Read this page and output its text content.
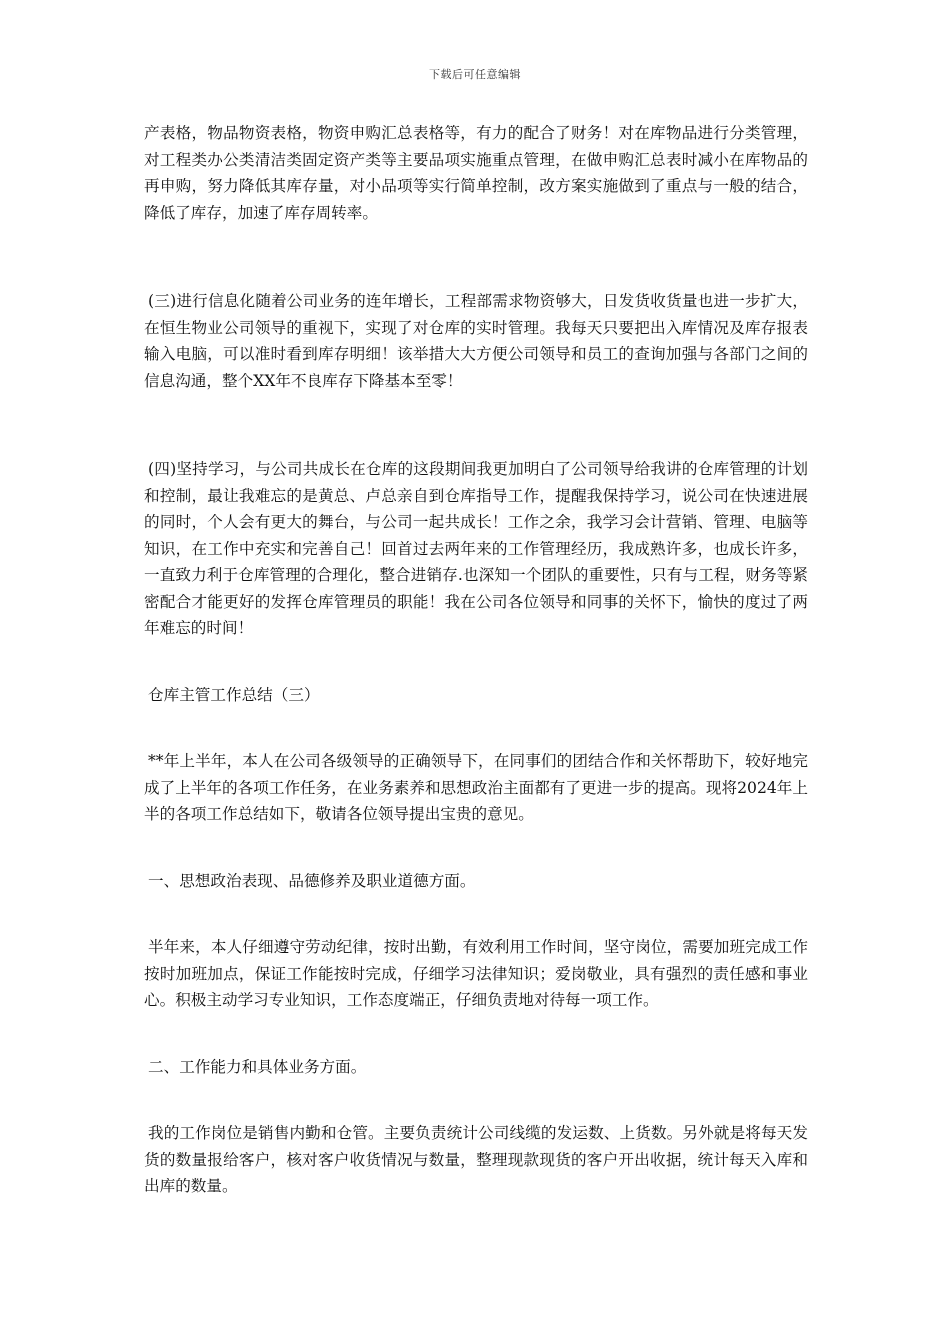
下载后可任意编辑

产表格，物品物资表格，物资申购汇总表格等，有力的配合了财务！对在库物品进行分类管理，对工程类办公类清洁类固定资产类等主要品项实施重点管理，在做申购汇总表时减小在库物品的再申购，努力降低其库存量，对小品项等实行简单控制，改方案实施做到了重点与一般的结合，降低了库存，加速了库存周转率。

(三)进行信息化随着公司业务的连年增长，工程部需求物资够大，日发货收货量也进一步扩大，在恒生物业公司领导的重视下，实现了对仓库的实时管理。我每天只要把出入库情况及库存报表输入电脑，可以准时看到库存明细！该举措大大方便公司领导和员工的查询加强与各部门之间的信息沟通，整个XX年不良库存下降基本至零！

(四)坚持学习，与公司共成长在仓库的这段期间我更加明白了公司领导给我讲的仓库管理的计划和控制，最让我难忘的是黄总、卢总亲自到仓库指导工作，提醒我保持学习，说公司在快速进展的同时，个人会有更大的舞台，与公司一起共成长！工作之余，我学习会计营销、管理、电脑等知识，在工作中充实和完善自己！回首过去两年来的工作管理经历，我成熟许多，也成长许多，一直致力利于仓库管理的合理化，整合进销存.也深知一个团队的重要性，只有与工程，财务等紧密配合才能更好的发挥仓库管理员的职能！我在公司各位领导和同事的关怀下，愉快的度过了两年难忘的时间！

仓库主管工作总结（三）

**年上半年，本人在公司各级领导的正确领导下，在同事们的团结合作和关怀帮助下，较好地完成了上半年的各项工作任务，在业务素养和思想政治主面都有了更进一步的提高。现将2024年上半的各项工作总结如下，敬请各位领导提出宝贵的意见。

一、思想政治表现、品德修养及职业道德方面。

半年来，本人仔细遵守劳动纪律，按时出勤，有效利用工作时间，坚守岗位，需要加班完成工作按时加班加点，保证工作能按时完成，仔细学习法律知识；爱岗敬业，具有强烈的责任感和事业心。积极主动学习专业知识，工作态度端正，仔细负责地对待每一项工作。

二、工作能力和具体业务方面。

我的工作岗位是销售内勤和仓管。主要负责统计公司线缆的发运数、上货数。另外就是将每天发货的数量报给客户，核对客户收货情况与数量，整理现款现货的客户开出收据，统计每天入库和出库的数量。
